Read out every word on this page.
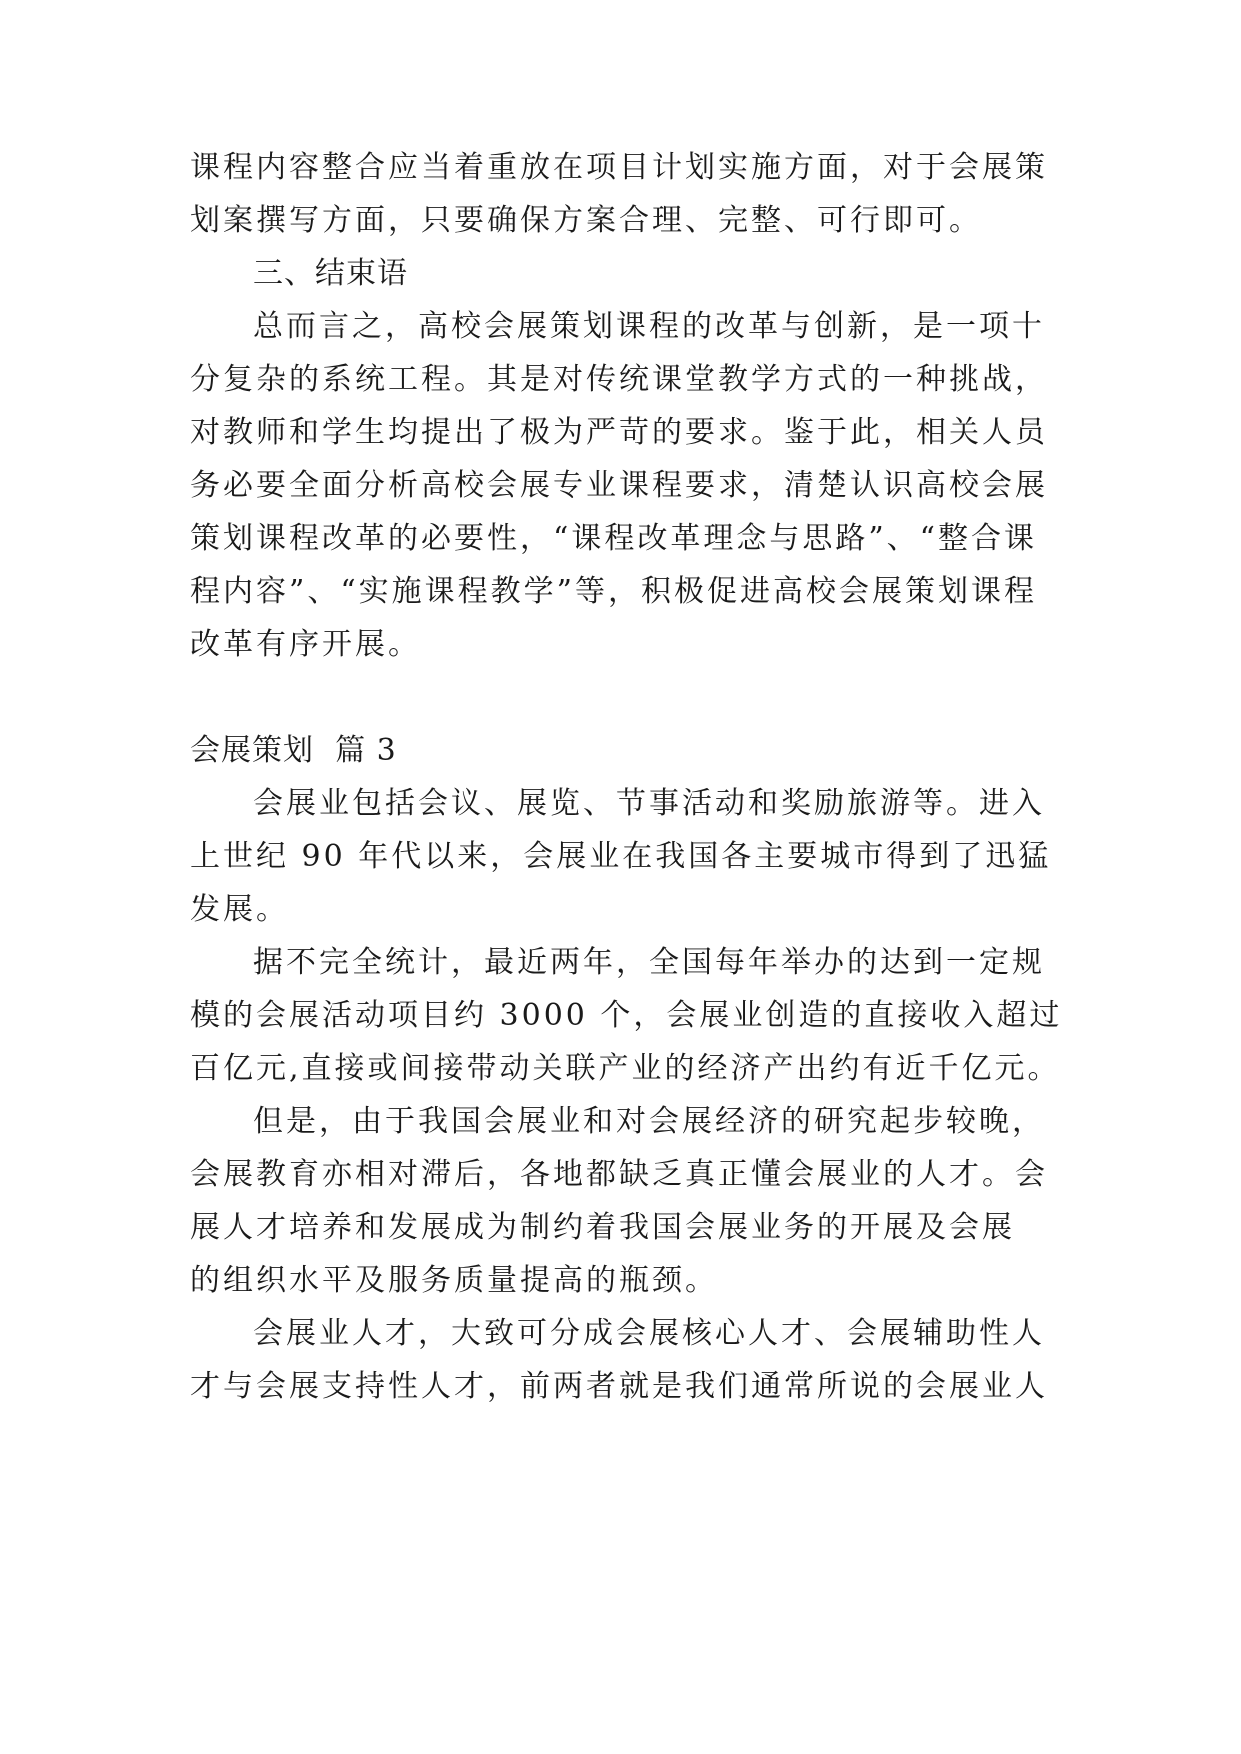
课程内容整合应当着重放在项目计划实施方面，对于会展策
划案撰写方面，只要确保方案合理、完整、可行即可。
三、结束语
总而言之，高校会展策划课程的改革与创新，是一项十
分复杂的系统工程。其是对传统课堂教学方式的一种挑战，
对教师和学生均提出了极为严苛的要求。鉴于此，相关人员
务必要全面分析高校会展专业课程要求，清楚认识高校会展
策划课程改革的必要性，“课程改革理念与思路”、“整合课
程内容”、“实施课程教学”等，积极促进高校会展策划课程
改革有序开展。
会展策划  篇 3
会展业包括会议、展览、节事活动和奖励旅游等。进入
上世纪 90 年代以来，会展业在我国各主要城市得到了迅猛
发展。
据不完全统计，最近两年，全国每年举办的达到一定规
模的会展活动项目约 3000 个，会展业创造的直接收入超过
百亿元,直接或间接带动关联产业的经济产出约有近千亿元。
但是，由于我国会展业和对会展经济的研究起步较晚，
会展教育亦相对滞后，各地都缺乏真正懂会展业的人才。会
展人才培养和发展成为制约着我国会展业务的开展及会展
的组织水平及服务质量提高的瓶颈。
会展业人才，大致可分成会展核心人才、会展辅助性人
才与会展支持性人才，前两者就是我们通常所说的会展业人
